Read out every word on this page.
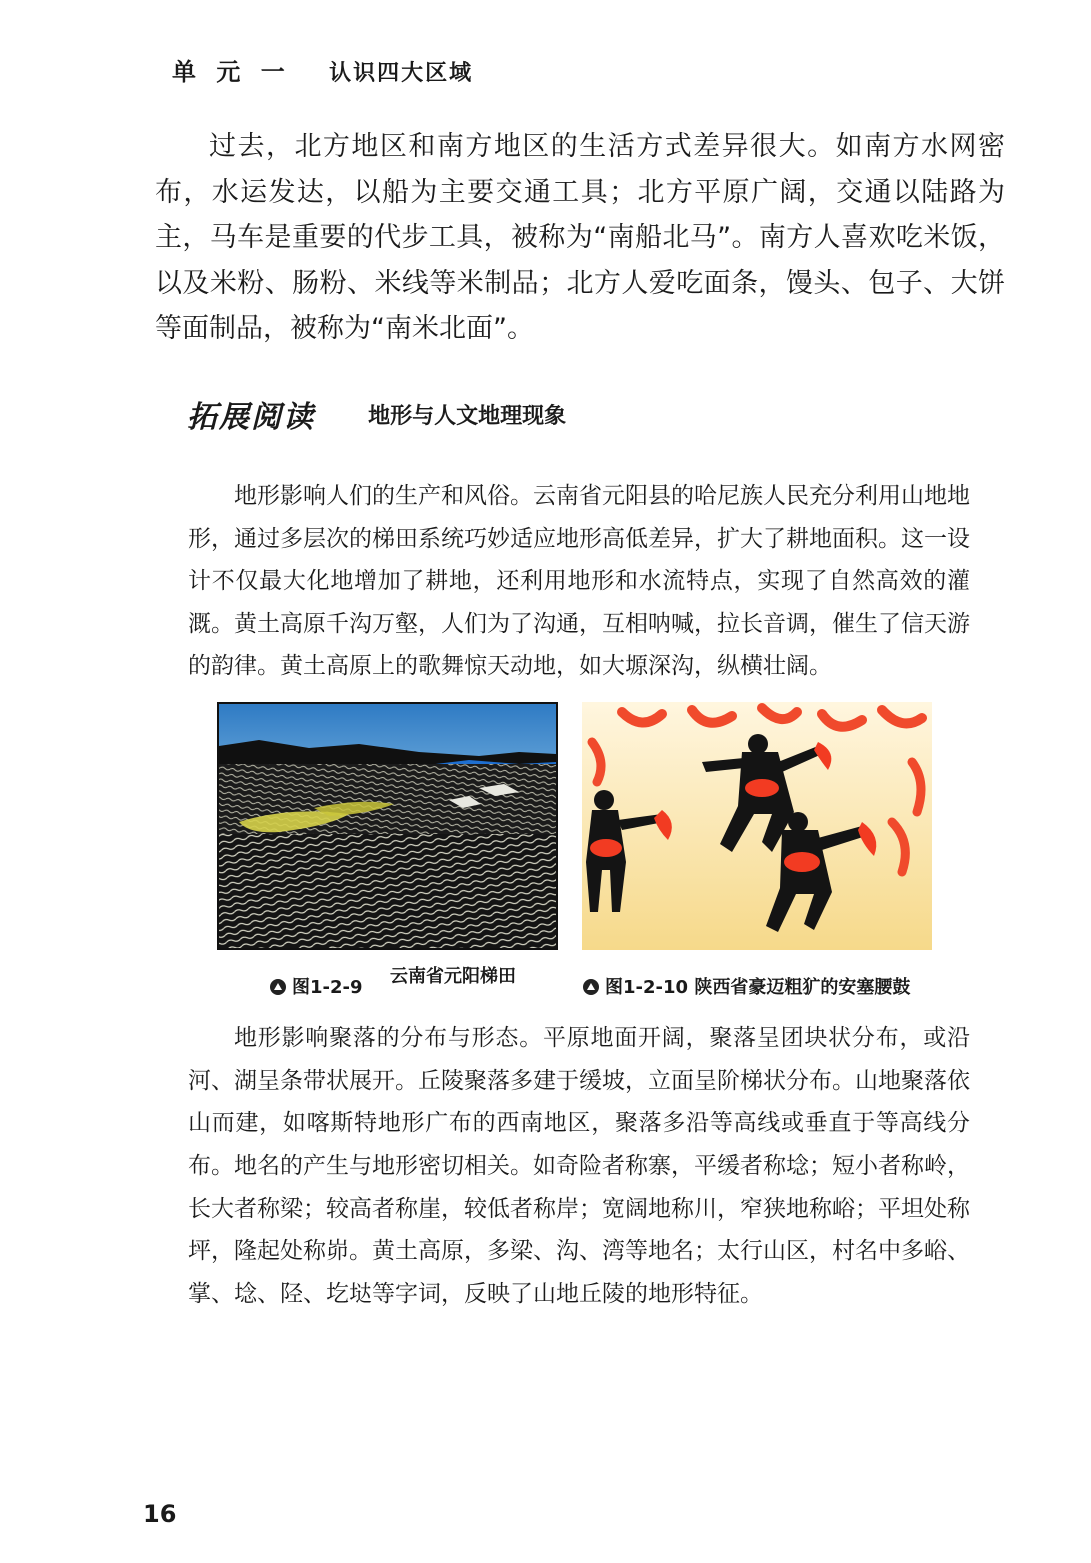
单 元 一 认识四大区域

过去，北方地区和南方地区的生活方式差异很大。如南方水网密布，水运发达，以船为主要交通工具；北方平原广阔，交通以陆路为主，马车是重要的代步工具，被称为“南船北马”。南方人喜欢吃米饭，以及米粉、肠粉、米线等米制品；北方人爱吃面条，馒头、包子、大饼等面制品，被称为“南米北面”。

拓展阅读 地形与人文地理现象

地形影响人们的生产和风俗。云南省元阳县的哈尼族人民充分利用山地地形，通过多层次的梯田系统巧妙适应地形高低差异，扩大了耕地面积。这一设计不仅最大化地增加了耕地，还利用地形和水流特点，实现了自然高效的灌溉。黄土高原千沟万壑，人们为了沟通，互相呐喊，拉长音调，催生了信天游的韵律。黄土高原上的歌舞惊天动地，如大塬深沟，纵横壮阔。

图1-2-9
云南省元阳梯田
图1-2-10 陕西省豪迈粗犷的安塞腰鼓

地形影响聚落的分布与形态。平原地面开阔，聚落呈团块状分布，或沿河、湖呈条带状展开。丘陵聚落多建于缓坡，立面呈阶梯状分布。山地聚落依山而建，如喀斯特地形广布的西南地区，聚落多沿等高线或垂直于等高线分布。 地名的产生与地形密切相关。如奇险者称寨，平缓者称埝；短小者称岭，长大者称梁；较高者称崖，较低者称岸；宽阔地称川，窄狭地称峪；平坦处称坪，隆起处称峁。黄土高原，多梁、沟、湾等地名；太行山区，村名中多峪、掌、埝、陉、圪垯等字词，反映了山地丘陵的地形特征。

16
